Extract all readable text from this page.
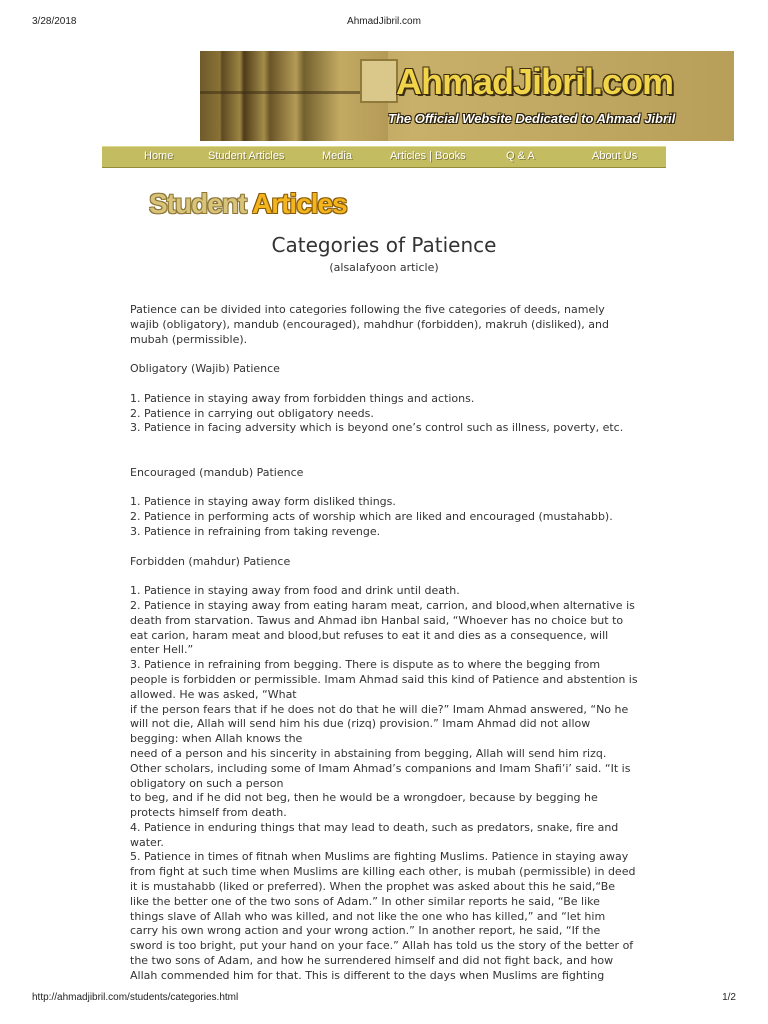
3/28/2018	AhmadJibril.com
AhmadJibril.com
The Official Website Dedicated to Ahmad Jibril
Home	Student Articles	Media	Articles | Books	Q & A	About Us
Student Articles
Categories of Patience
(alsalafyoon article)

Patience can be divided into categories following the five categories of deeds, namely

wajib (obligatory), mandub (encouraged), mahdhur (forbidden), makruh (disliked), and

mubah (permissible).

Obligatory (Wajib) Patience

1. Patience in staying away from forbidden things and actions.

2. Patience in carrying out obligatory needs.

3. Patience in facing adversity which is beyond one’s control such as illness, poverty, etc.

Encouraged (mandub) Patience

1. Patience in staying away form disliked things.

2. Patience in performing acts of worship which are liked and encouraged (mustahabb).

3. Patience in refraining from taking revenge.

Forbidden (mahdur) Patience

1. Patience in staying away from food and drink until death.

2. Patience in staying away from eating haram meat, carrion, and blood,when alternative is

death from starvation. Tawus and Ahmad ibn Hanbal said, “Whoever has no choice but to

eat carion, haram meat and blood,but refuses to eat it and dies as a consequence, will

enter Hell.”

3. Patience in refraining from begging. There is dispute as to where the begging from

people is forbidden or permissible. Imam Ahmad said this kind of Patience and abstention is

allowed. He was asked, “What

if the person fears that if he does not do that he will die?” Imam Ahmad answered, “No he

will not die, Allah will send him his due (rizq) provision.” Imam Ahmad did not allow

begging: when Allah knows the

need of a person and his sincerity in abstaining from begging, Allah will send him rizq.

Other scholars, including some of Imam Ahmad’s companions and Imam Shafi’i’ said. “It is

obligatory on such a person

to beg, and if he did not beg, then he would be a wrongdoer, because by begging he

protects himself from death.

4. Patience in enduring things that may lead to death, such as predators, snake, fire and

water.

5. Patience in times of fitnah when Muslims are fighting Muslims. Patience in staying away

from fight at such time when Muslims are killing each other, is mubah (permissible) in deed

it is mustahabb (liked or preferred). When the prophet was asked about this he said,“Be

like the better one of the two sons of Adam.” In other similar reports he said, “Be like

things slave of Allah who was killed, and not like the one who has killed,” and “let him

carry his own wrong action and your wrong action.” In another report, he said, “If the

sword is too bright, put your hand on your face.” Allah has told us the story of the better of

the two sons of Adam, and how he surrendered himself and did not fight back, and how

Allah commended him for that. This is different to the days when Muslims are fighting

http://ahmadjibril.com/students/categories.html	1/2
